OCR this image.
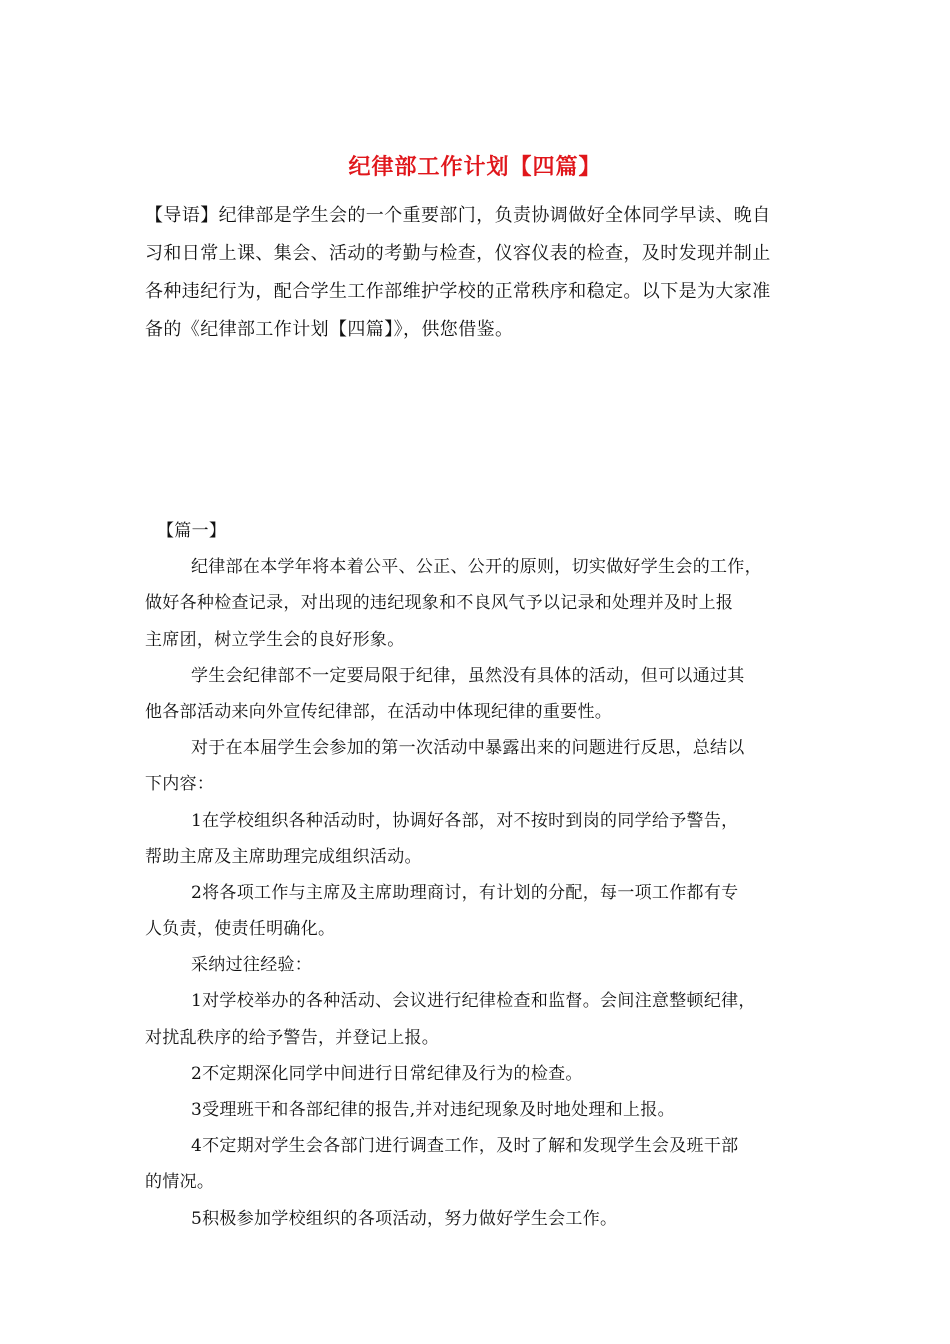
纪律部工作计划【四篇】
【导语】纪律部是学生会的一个重要部门，负责协调做好全体同学早读、晚自
习和日常上课、集会、活动的考勤与检查，仪容仪表的检查，及时发现并制止
各种违纪行为，配合学生工作部维护学校的正常秩序和稳定。以下是为大家准
备的《纪律部工作计划【四篇】》，供您借鉴。
【篇一】
纪律部在本学年将本着公平、公正、公开的原则，切实做好学生会的工作，
做好各种检查记录，对出现的违纪现象和不良风气予以记录和处理并及时上报
主席团，树立学生会的良好形象。
学生会纪律部不一定要局限于纪律，虽然没有具体的活动，但可以通过其
他各部活动来向外宣传纪律部，在活动中体现纪律的重要性。
对于在本届学生会参加的第一次活动中暴露出来的问题进行反思，总结以
下内容：
1在学校组织各种活动时，协调好各部，对不按时到岗的同学给予警告，
帮助主席及主席助理完成组织活动。
2将各项工作与主席及主席助理商讨，有计划的分配，每一项工作都有专
人负责，使责任明确化。
采纳过往经验：
1对学校举办的各种活动、会议进行纪律检查和监督。会间注意整顿纪律，
对扰乱秩序的给予警告，并登记上报。
2不定期深化同学中间进行日常纪律及行为的检查。
3受理班干和各部纪律的报告,并对违纪现象及时地处理和上报。
4不定期对学生会各部门进行调查工作，及时了解和发现学生会及班干部
的情况。
5积极参加学校组织的各项活动，努力做好学生会工作。
